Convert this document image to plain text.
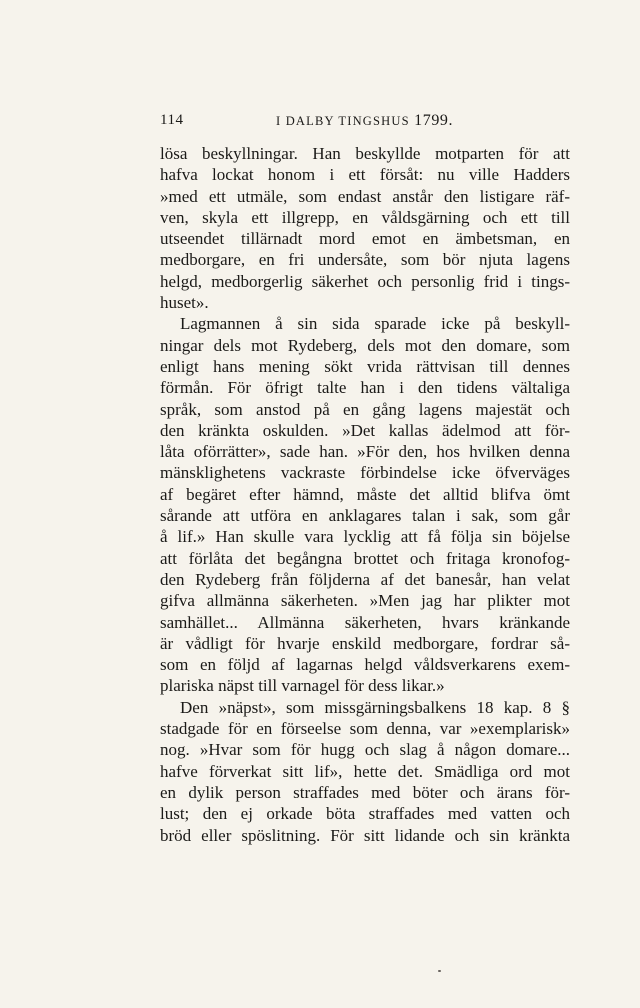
114	I DALBY TINGSHUS 1799.
lösa beskyllningar. Han beskyllde motparten för att
hafva lockat honom i ett försåt: nu ville Hadders
»med ett utmäle, som endast anstår den listigare räf-
ven, skyla ett illgrepp, en våldsgärning och ett till
utseendet tillärnadt mord emot en ämbetsman, en
medborgare, en fri undersåte, som bör njuta lagens
helgd, medborgerlig säkerhet och personlig frid i tings-
huset».
Lagmannen å sin sida sparade icke på beskyll-
ningar dels mot Rydeberg, dels mot den domare, som
enligt hans mening sökt vrida rättvisan till dennes
förmån. För öfrigt talte han i den tidens vältaliga
språk, som anstod på en gång lagens majestät och
den kränkta oskulden. »Det kallas ädelmod att för-
låta oförrätter», sade han. »För den, hos hvilken denna
mänsklighetens vackraste förbindelse icke öfverväges
af begäret efter hämnd, måste det alltid blifva ömt
sårande att utföra en anklagares talan i sak, som går
å lif.» Han skulle vara lycklig att få följa sin böjelse
att förlåta det begångna brottet och fritaga kronofog-
den Rydeberg från följderna af det banesår, han velat
gifva allmänna säkerheten. »Men jag har plikter mot
samhället... Allmänna säkerheten, hvars kränkande
är vådligt för hvarje enskild medborgare, fordrar så-
som en följd af lagarnas helgd våldsverkarens exem-
plariska näpst till varnagel för dess likar.»
Den »näpst», som missgärningsbalkens 18 kap. 8 §
stadgade för en förseelse som denna, var »exemplarisk»
nog. »Hvar som för hugg och slag å någon domare...
hafve förverkat sitt lif», hette det. Smädliga ord mot
en dylik person straffades med böter och ärans för-
lust; den ej orkade böta straffades med vatten och
bröd eller spöslitning. För sitt lidande och sin kränkta
